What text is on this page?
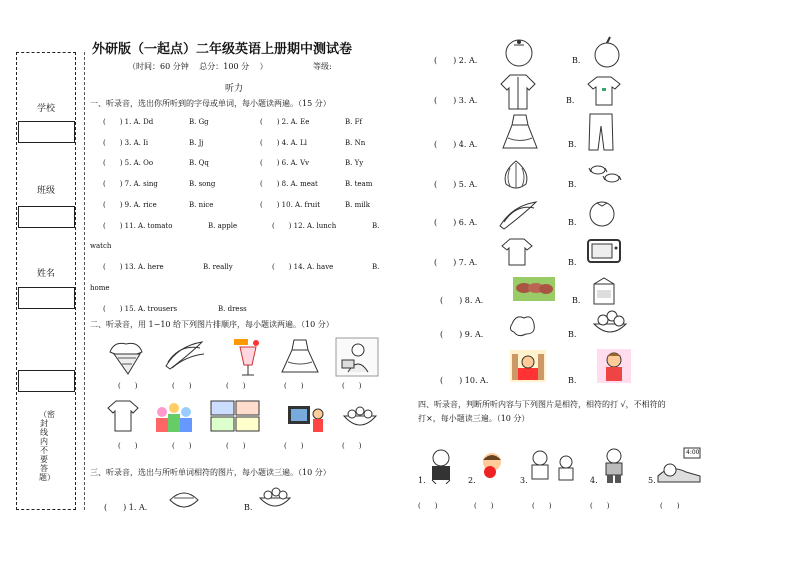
学校
班级
姓名
（密封线内不要答题）
外研版（一起点）二年级英语上册期中测试卷
（时间：60 分钟　 总分：100 分 　）	等级:
听力
一、听录音，选出你所听到的字母或单词，每小题读两遍。（15 分）
(　　) 1. A. Dd	B. Gg	(　　) 2. A. Ee	B. Ff
(　　) 3. A. Ii	B. Jj	(　　) 4. A. Ll	B. Nn
(　　) 5. A. Oo	B. Qq	(　　) 6. A. Vv	B. Yy
(　　) 7. A. sing	B. song	(　　) 8. A. meat	B. team
(　　) 9. A. rice	B. nice	(　　) 10. A. fruit	B. milk
(　　) 11. A. tomato	B. apple	(　　) 12. A. lunch	B.
watch
(　　) 13. A. here	B. really	(　　) 14. A. have	B.
home
(　　) 15. A. trousers	B. dress
二、听录音，用 1−10 给下列图片排顺序，每小题读两遍。（10 分）
(　　)	(　　)	(　　)	(　　)	(　　)
(　　)	(　　)	(　　)	(　　)	(　　)
三、听录音，选出与所听单词相符的图片，每小题读三遍。（10 分）
(　　) 1. A.	B.
(　　) 2. A.	B.
(　　) 3. A.	B.
(　　) 4. A.	B.
(　　) 5. A.	B.
(　　) 6. A.	B.
(　　) 7. A.	B.
(　　) 8. A.	B.
(　　) 9. A.	B.
(　　) 10. A.	B.
四、听录音，判断所听内容与下列图片是相符，相符的打 √，不相符的
打×，每小题读三遍。（10 分）
1.	2.	3.	4.	5.
4:00
(　　)	(　　)	(　　)	(　　)	(　　)
